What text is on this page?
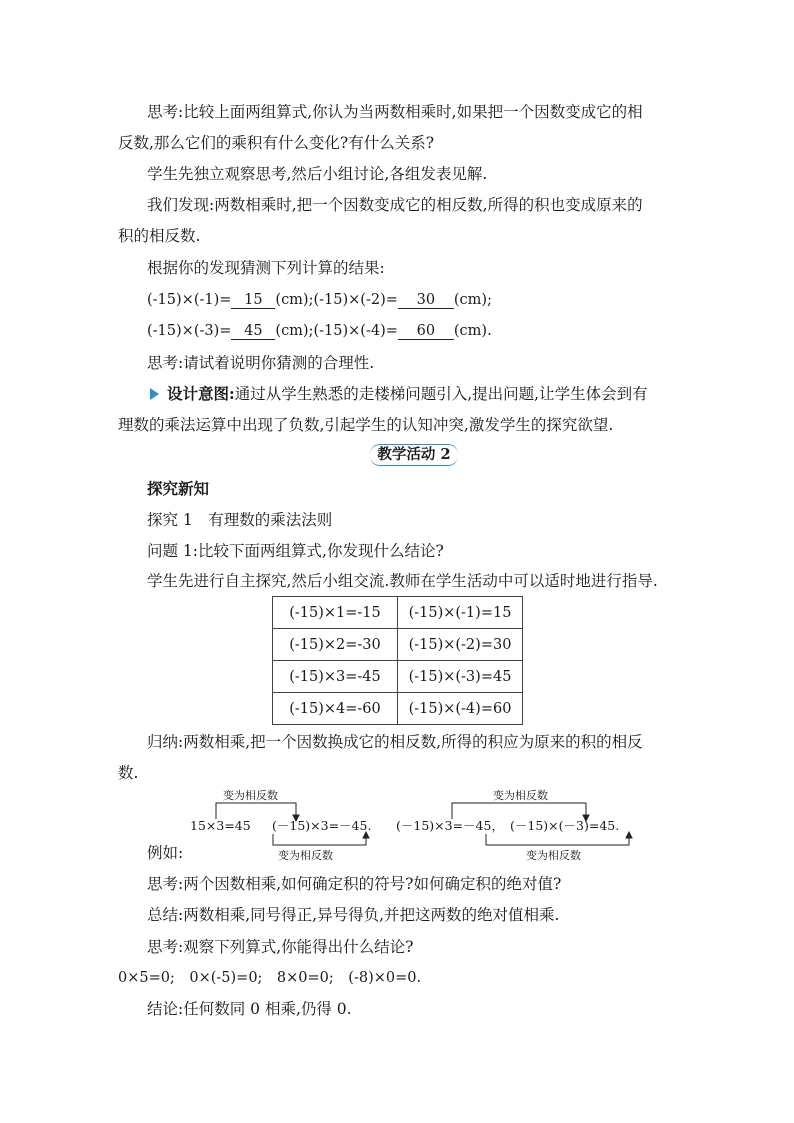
思考:比较上面两组算式,你认为当两数相乘时,如果把一个因数变成它的相
反数,那么它们的乘积有什么变化?有什么关系?
学生先独立观察思考,然后小组讨论,各组发表见解.
我们发现:两数相乘时,把一个因数变成它的相反数,所得的积也变成原来的
积的相反数.
根据你的发现猜测下列计算的结果:
(-15)×(-1)= 15 (cm);(-15)×(-2)= 30 (cm);
(-15)×(-3)= 45 (cm);(-15)×(-4)= 60 (cm).
思考:请试着说明你猜测的合理性.
设计意图:通过从学生熟悉的走楼梯问题引入,提出问题,让学生体会到有
理数的乘法运算中出现了负数,引起学生的认知冲突,激发学生的探究欲望.
教学活动 2
探究新知
探究 1　有理数的乘法法则
问题 1:比较下面两组算式,你发现什么结论?
学生先进行自主探究,然后小组交流.教师在学生活动中可以适时地进行指导.
(-15)×1=-15	(-15)×(-1)=15
(-15)×2=-30	(-15)×(-2)=30
(-15)×3=-45	(-15)×(-3)=45
(-15)×4=-60	(-15)×(-4)=60
归纳:两数相乘,把一个因数换成它的相反数,所得的积应为原来的积的相反
数.
变为相反数	变为相反数
变为相反数	变为相反数
15×3=45 (－15)×3=－45. (－15)×3=－45， (－15)×(－3)=45.
例如:
思考:两个因数相乘,如何确定积的符号?如何确定积的绝对值?
总结:两数相乘,同号得正,异号得负,并把这两数的绝对值相乘.
思考:观察下列算式,你能得出什么结论?
0×5=0;　0×(-5)=0;　8×0=0;　(-8)×0=0.
结论:任何数同 0 相乘,仍得 0.
